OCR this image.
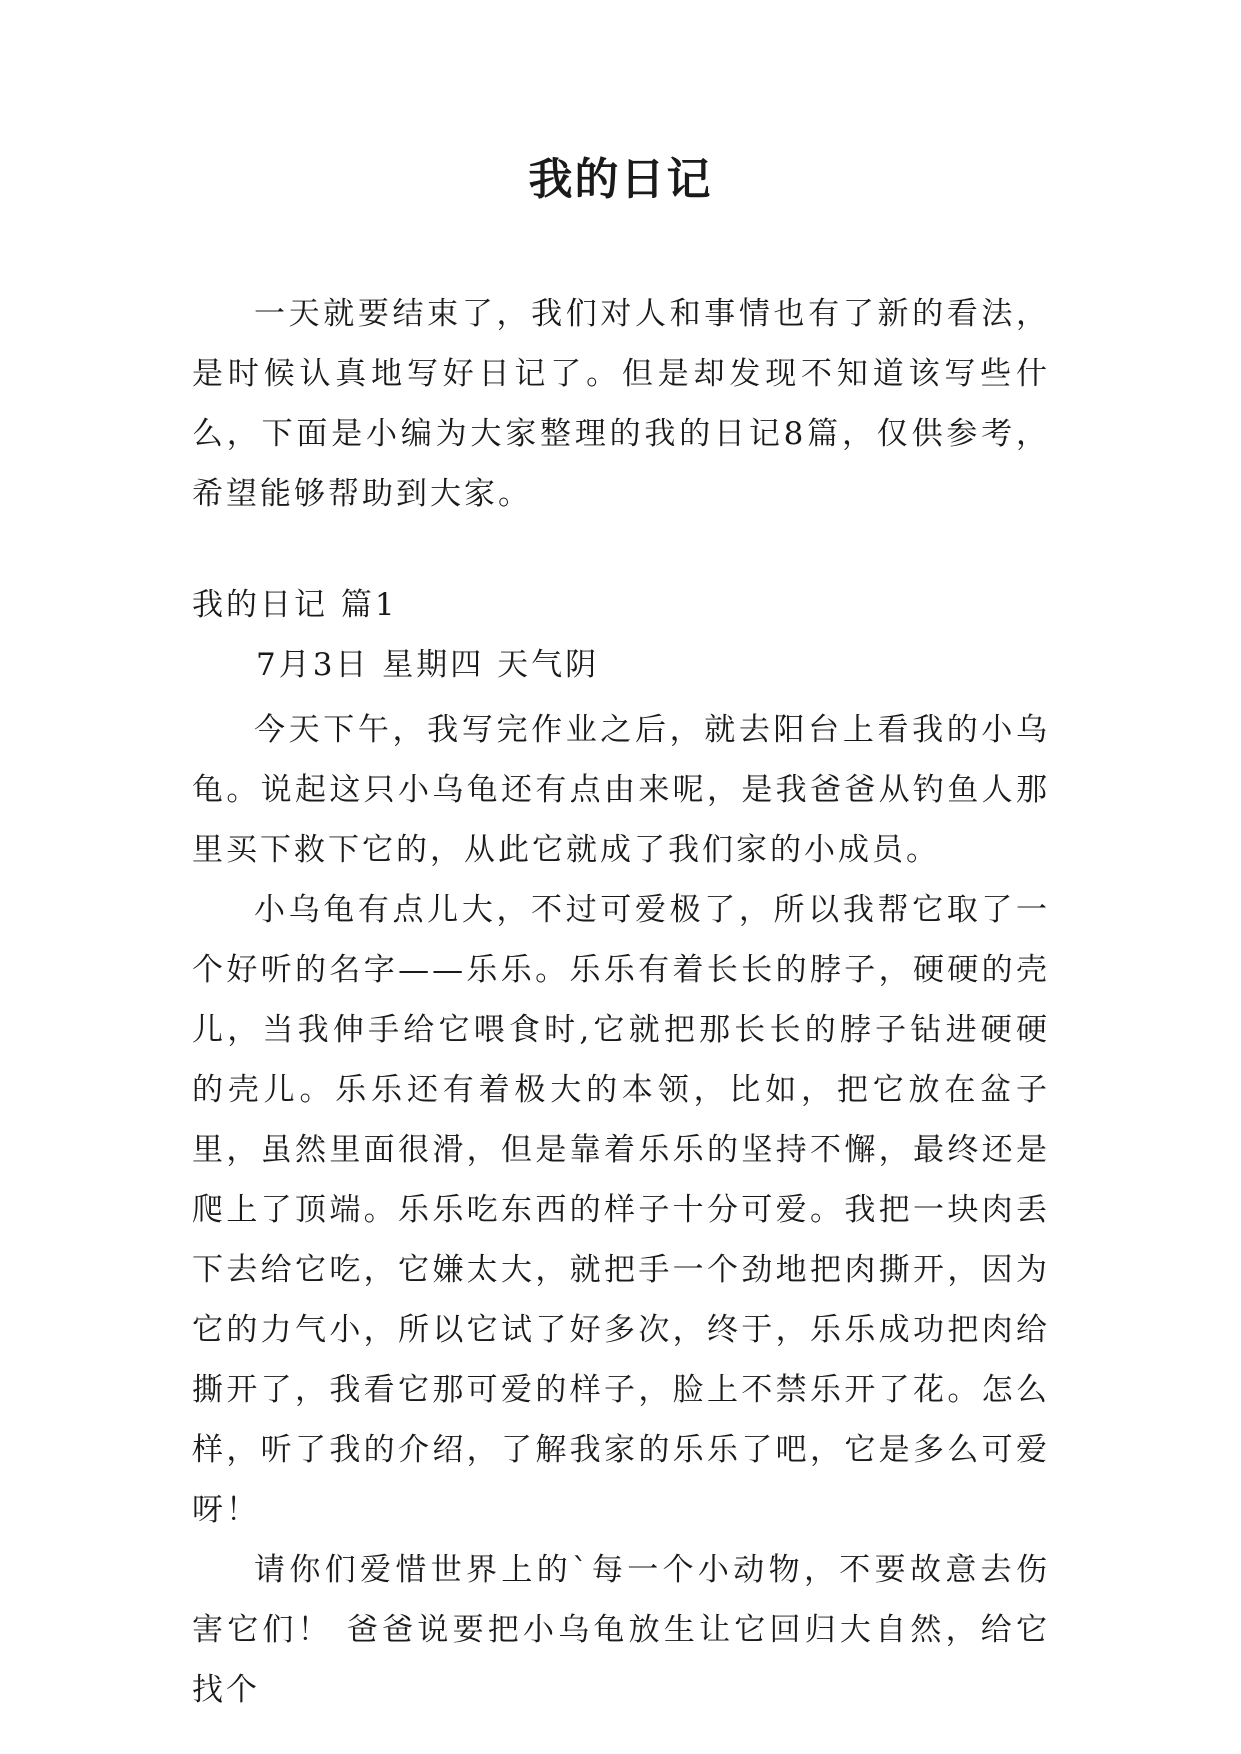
我的日记

一天就要结束了，我们对人和事情也有了新的看法，是时候认真地写好日记了。但是却发现不知道该写些什么，下面是小编为大家整理的我的日记8篇，仅供参考，希望能够帮助到大家。

我的日记 篇1
7月3日 星期四 天气阴

今天下午，我写完作业之后，就去阳台上看我的小乌龟。说起这只小乌龟还有点由来呢，是我爸爸从钓鱼人那里买下救下它的，从此它就成了我们家的小成员。

小乌龟有点儿大，不过可爱极了，所以我帮它取了一个好听的名字——乐乐。乐乐有着长长的脖子，硬硬的壳儿，当我伸手给它喂食时,它就把那长长的脖子钻进硬硬的壳儿。乐乐还有着极大的本领，比如，把它放在盆子里，虽然里面很滑，但是靠着乐乐的坚持不懈，最终还是爬上了顶端。乐乐吃东西的样子十分可爱。我把一块肉丢下去给它吃，它嫌太大，就把手一个劲地把肉撕开，因为它的力气小，所以它试了好多次，终于，乐乐成功把肉给撕开了，我看它那可爱的样子，脸上不禁乐开了花。怎么样，听了我的介绍，了解我家的乐乐了吧，它是多么可爱呀！

请你们爱惜世界上的`每一个小动物，不要故意去伤害它们！ 爸爸说要把小乌龟放生让它回归大自然，给它找个
